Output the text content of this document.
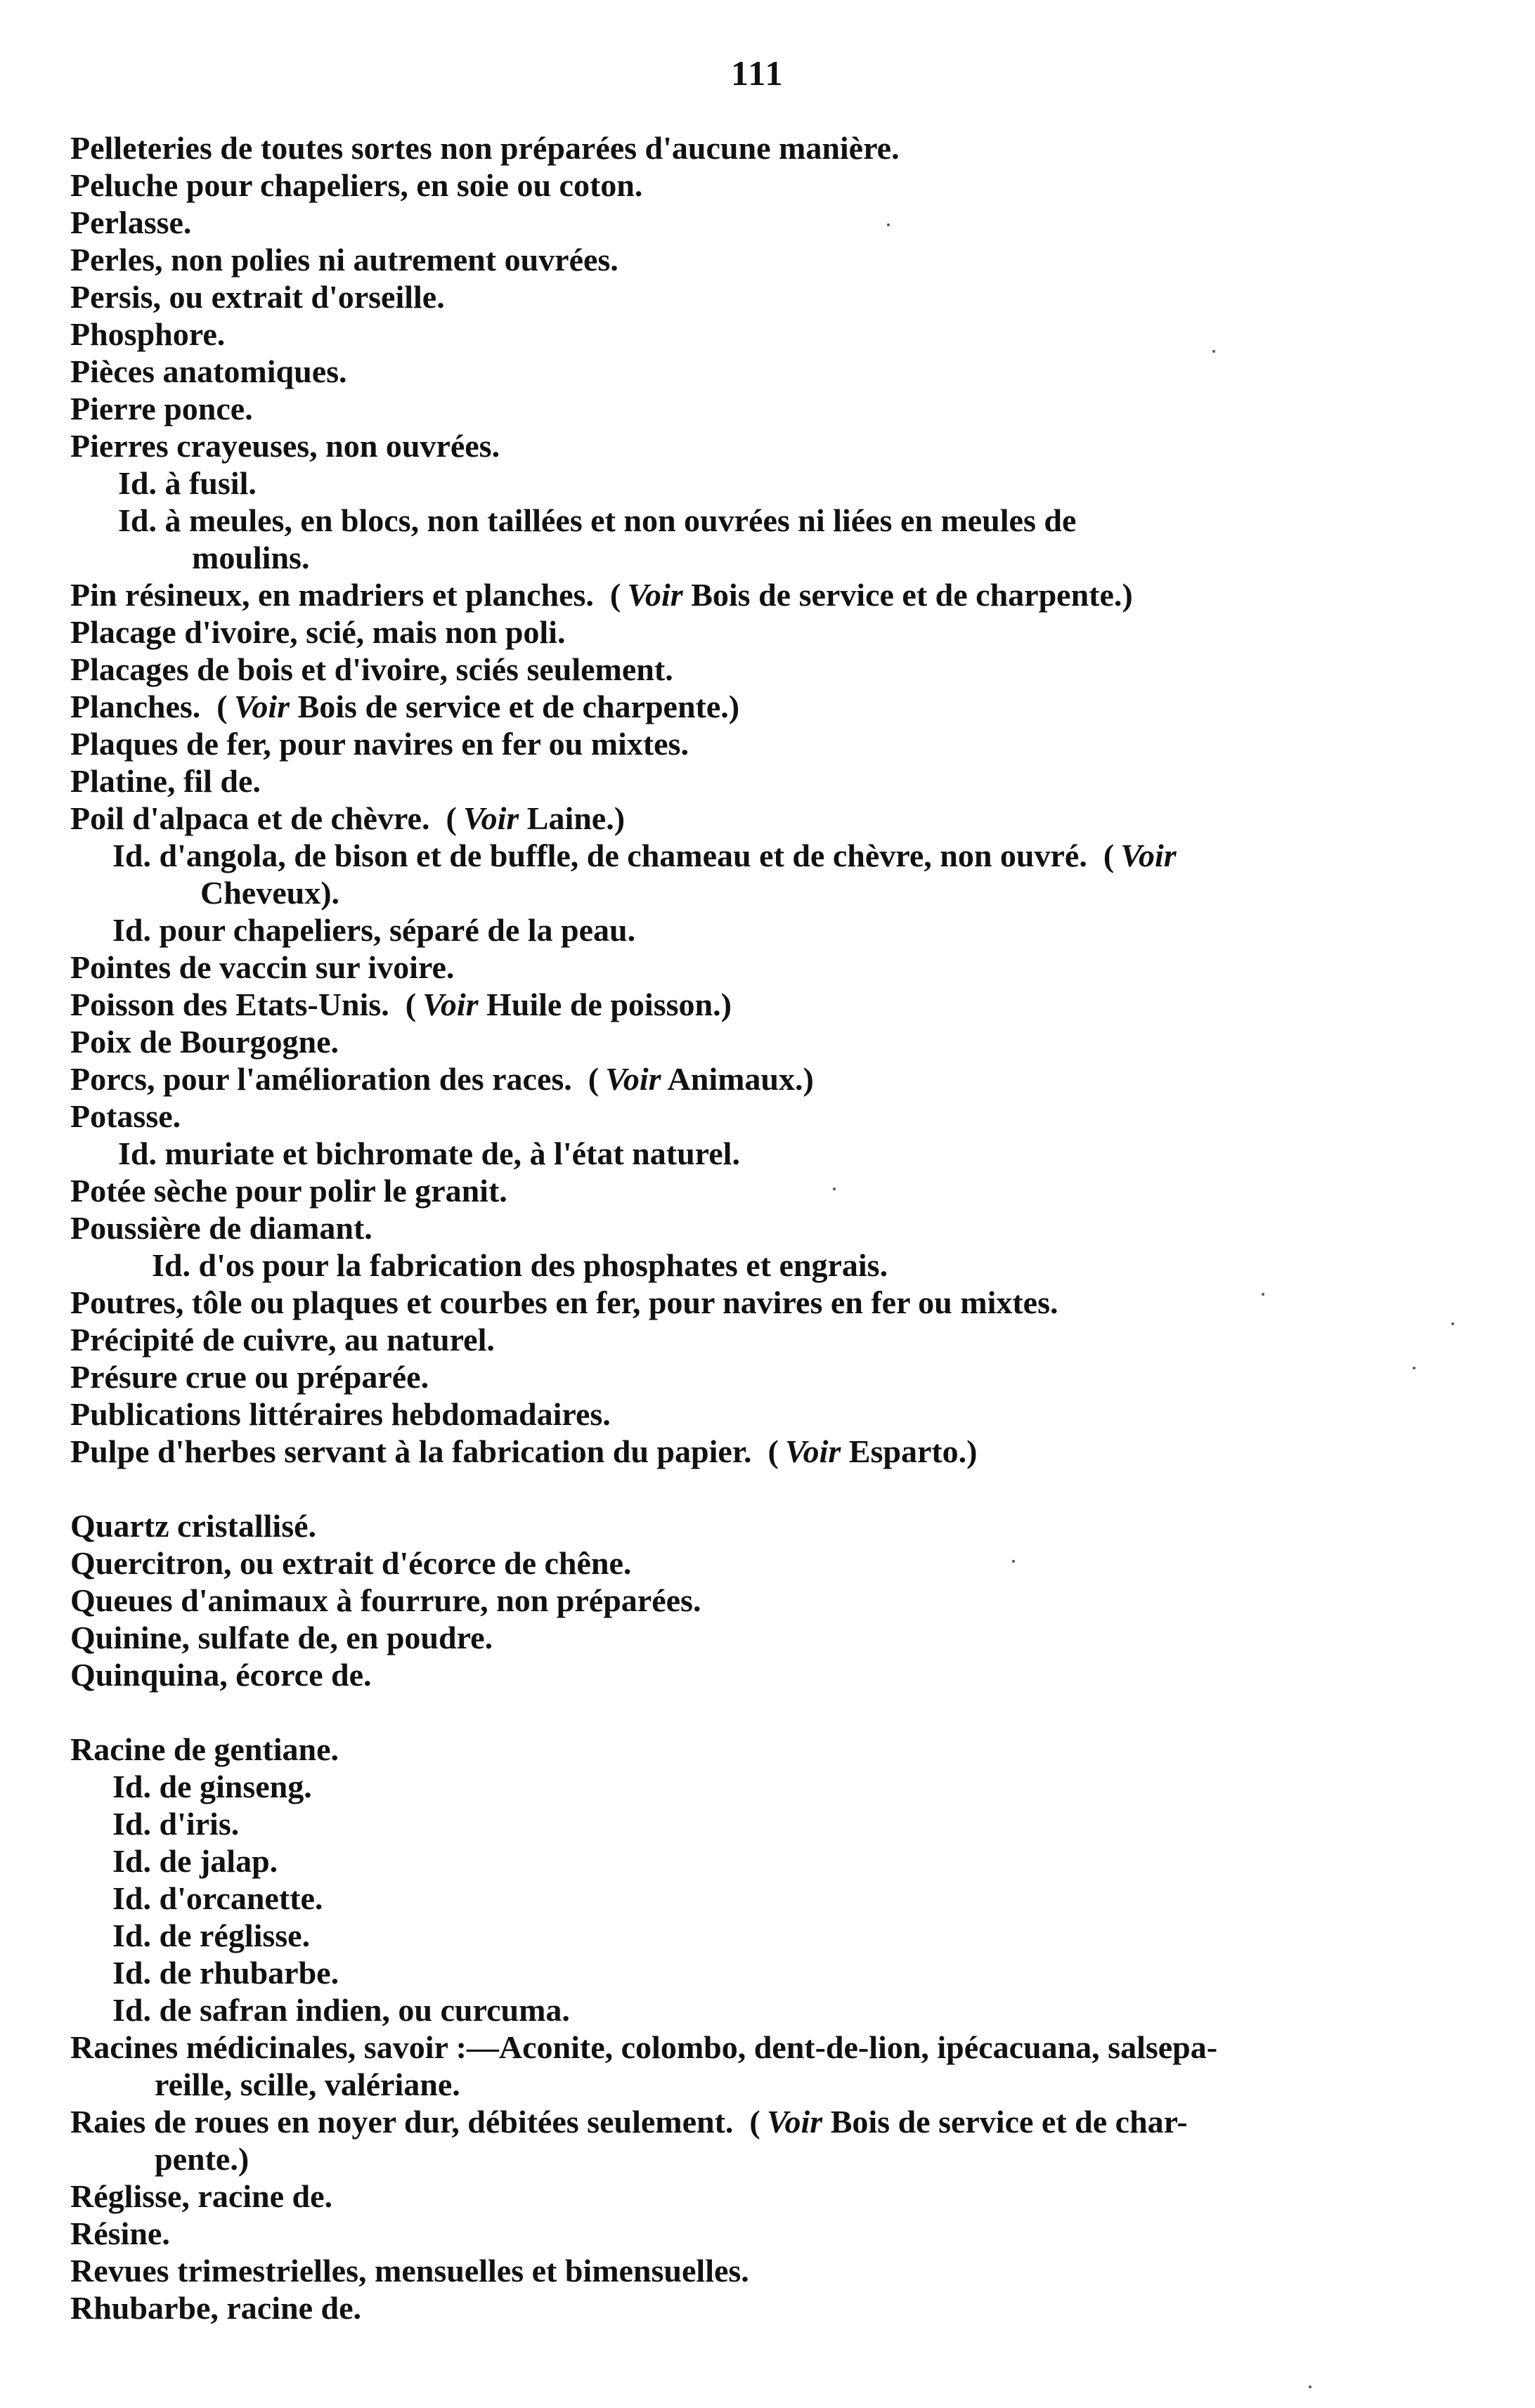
111
Pelleteries de toutes sortes non préparées d'aucune manière.
Peluche pour chapeliers, en soie ou coton.
Perlasse.
Perles, non polies ni autrement ouvrées.
Persis, ou extrait d'orseille.
Phosphore.
Pièces anatomiques.
Pierre ponce.
Pierres crayeuses, non ouvrées.
Id. à fusil.
Id. à meules, en blocs, non taillées et non ouvrées ni liées en meules de
moulins.
Pin résineux, en madriers et planches.  ( Voir Bois de service et de charpente.)
Placage d'ivoire, scié, mais non poli.
Placages de bois et d'ivoire, sciés seulement.
Planches.  ( Voir Bois de service et de charpente.)
Plaques de fer, pour navires en fer ou mixtes.
Platine, fil de.
Poil d'alpaca et de chèvre.  ( Voir Laine.)
Id. d'angola, de bison et de buffle, de chameau et de chèvre, non ouvré.  ( Voir
Cheveux).
Id. pour chapeliers, séparé de la peau.
Pointes de vaccin sur ivoire.
Poisson des Etats-Unis.  ( Voir Huile de poisson.)
Poix de Bourgogne.
Porcs, pour l'amélioration des races.  ( Voir Animaux.)
Potasse.
Id. muriate et bichromate de, à l'état naturel.
Potée sèche pour polir le granit.
Poussière de diamant.
Id. d'os pour la fabrication des phosphates et engrais.
Poutres, tôle ou plaques et courbes en fer, pour navires en fer ou mixtes.
Précipité de cuivre, au naturel.
Présure crue ou préparée.
Publications littéraires hebdomadaires.
Pulpe d'herbes servant à la fabrication du papier.  ( Voir Esparto.)
Quartz cristallisé.
Quercitron, ou extrait d'écorce de chêne.
Queues d'animaux à fourrure, non préparées.
Quinine, sulfate de, en poudre.
Quinquina, écorce de.
Racine de gentiane.
Id. de ginseng.
Id. d'iris.
Id. de jalap.
Id. d'orcanette.
Id. de réglisse.
Id. de rhubarbe.
Id. de safran indien, ou curcuma.
Racines médicinales, savoir :—Aconite, colombo, dent-de-lion, ipécacuana, salsepa-
reille, scille, valériane.
Raies de roues en noyer dur, débitées seulement.  ( Voir Bois de service et de char-
pente.)
Réglisse, racine de.
Résine.
Revues trimestrielles, mensuelles et bimensuelles.
Rhubarbe, racine de.
